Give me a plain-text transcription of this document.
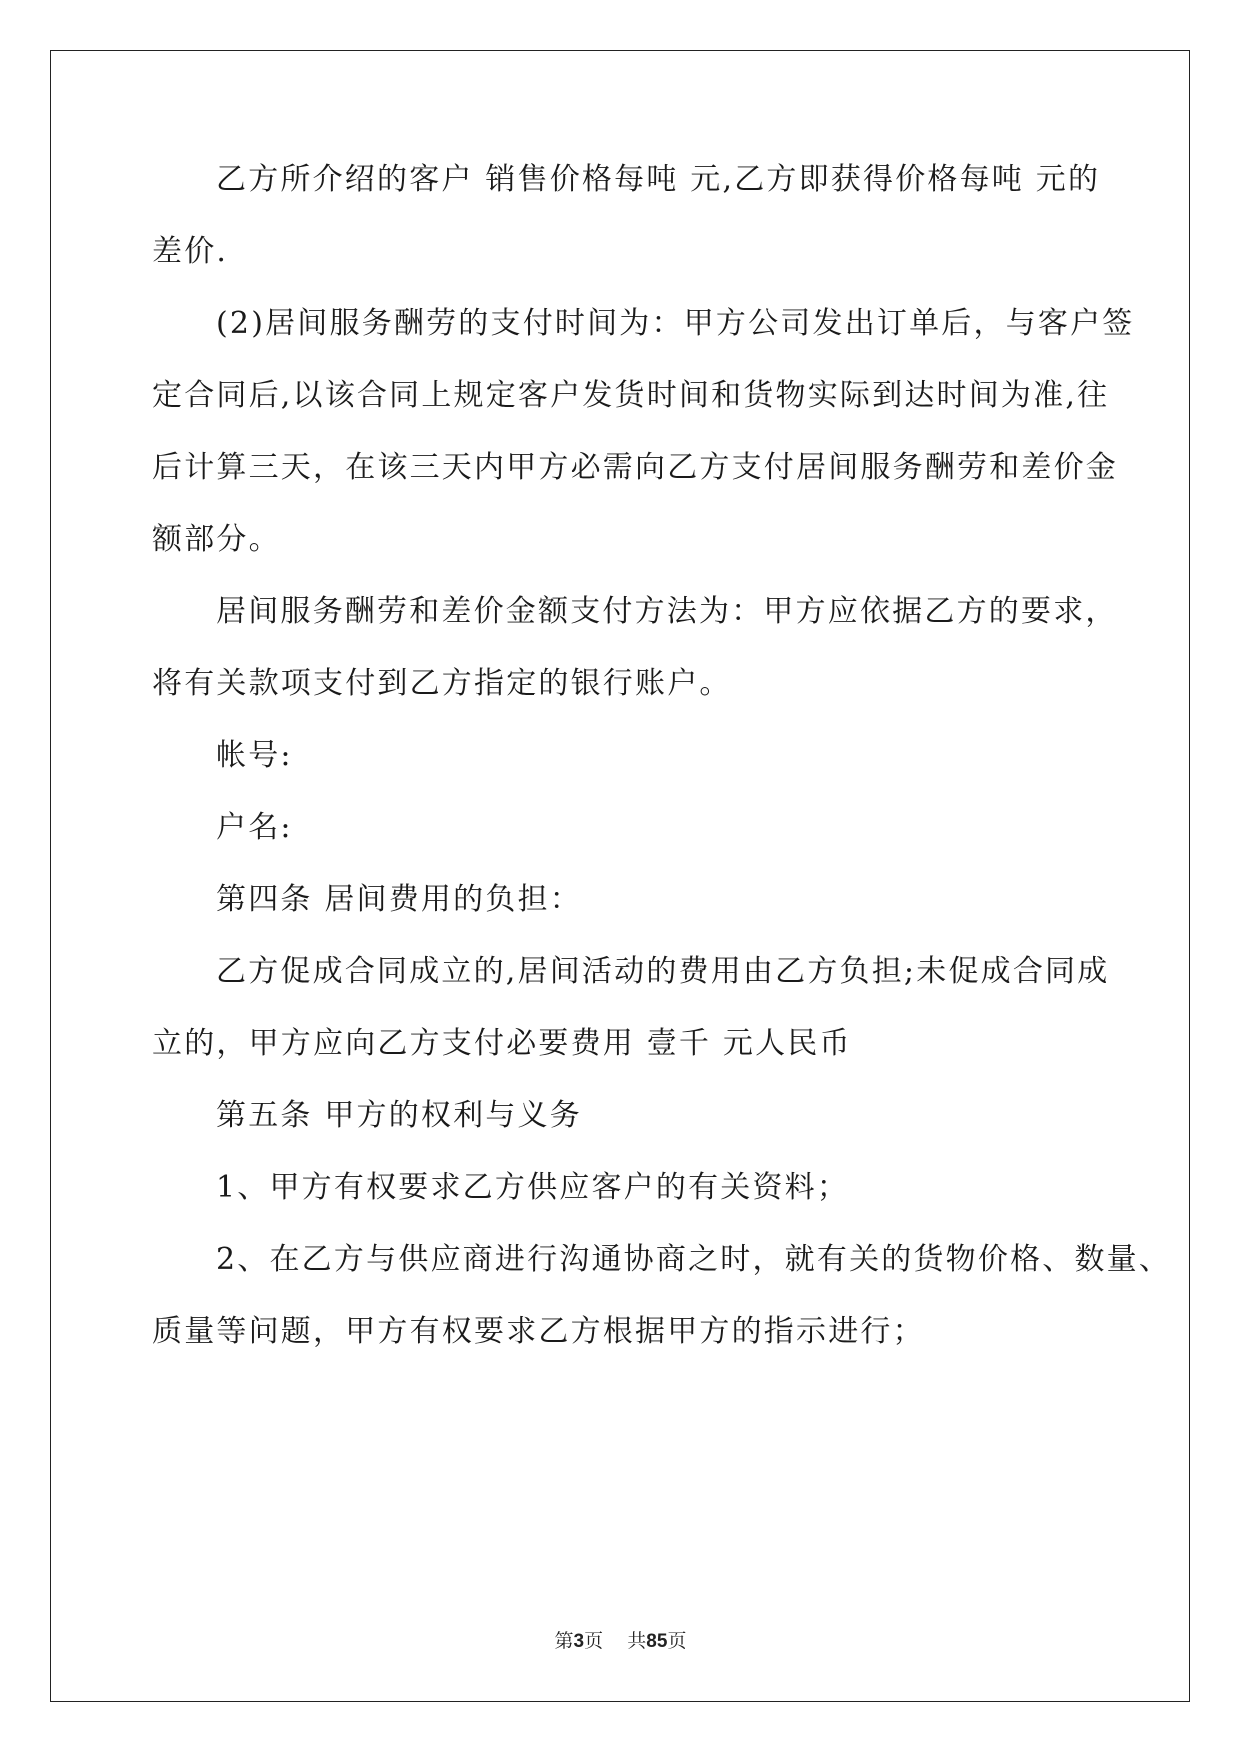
乙方所介绍的客户 销售价格每吨 元,乙方即获得价格每吨 元的
差价.
(2)居间服务酬劳的支付时间为：甲方公司发出订单后，与客户签
定合同后,以该合同上规定客户发货时间和货物实际到达时间为准,往
后计算三天，在该三天内甲方必需向乙方支付居间服务酬劳和差价金
额部分。
居间服务酬劳和差价金额支付方法为：甲方应依据乙方的要求，
将有关款项支付到乙方指定的银行账户。
帐号:
户名:
第四条 居间费用的负担：
乙方促成合同成立的,居间活动的费用由乙方负担;未促成合同成
立的，甲方应向乙方支付必要费用 壹千 元人民币
第五条 甲方的权利与义务
1、甲方有权要求乙方供应客户的有关资料；
2、在乙方与供应商进行沟通协商之时，就有关的货物价格、数量、
质量等问题，甲方有权要求乙方根据甲方的指示进行；
第3页    共85页
